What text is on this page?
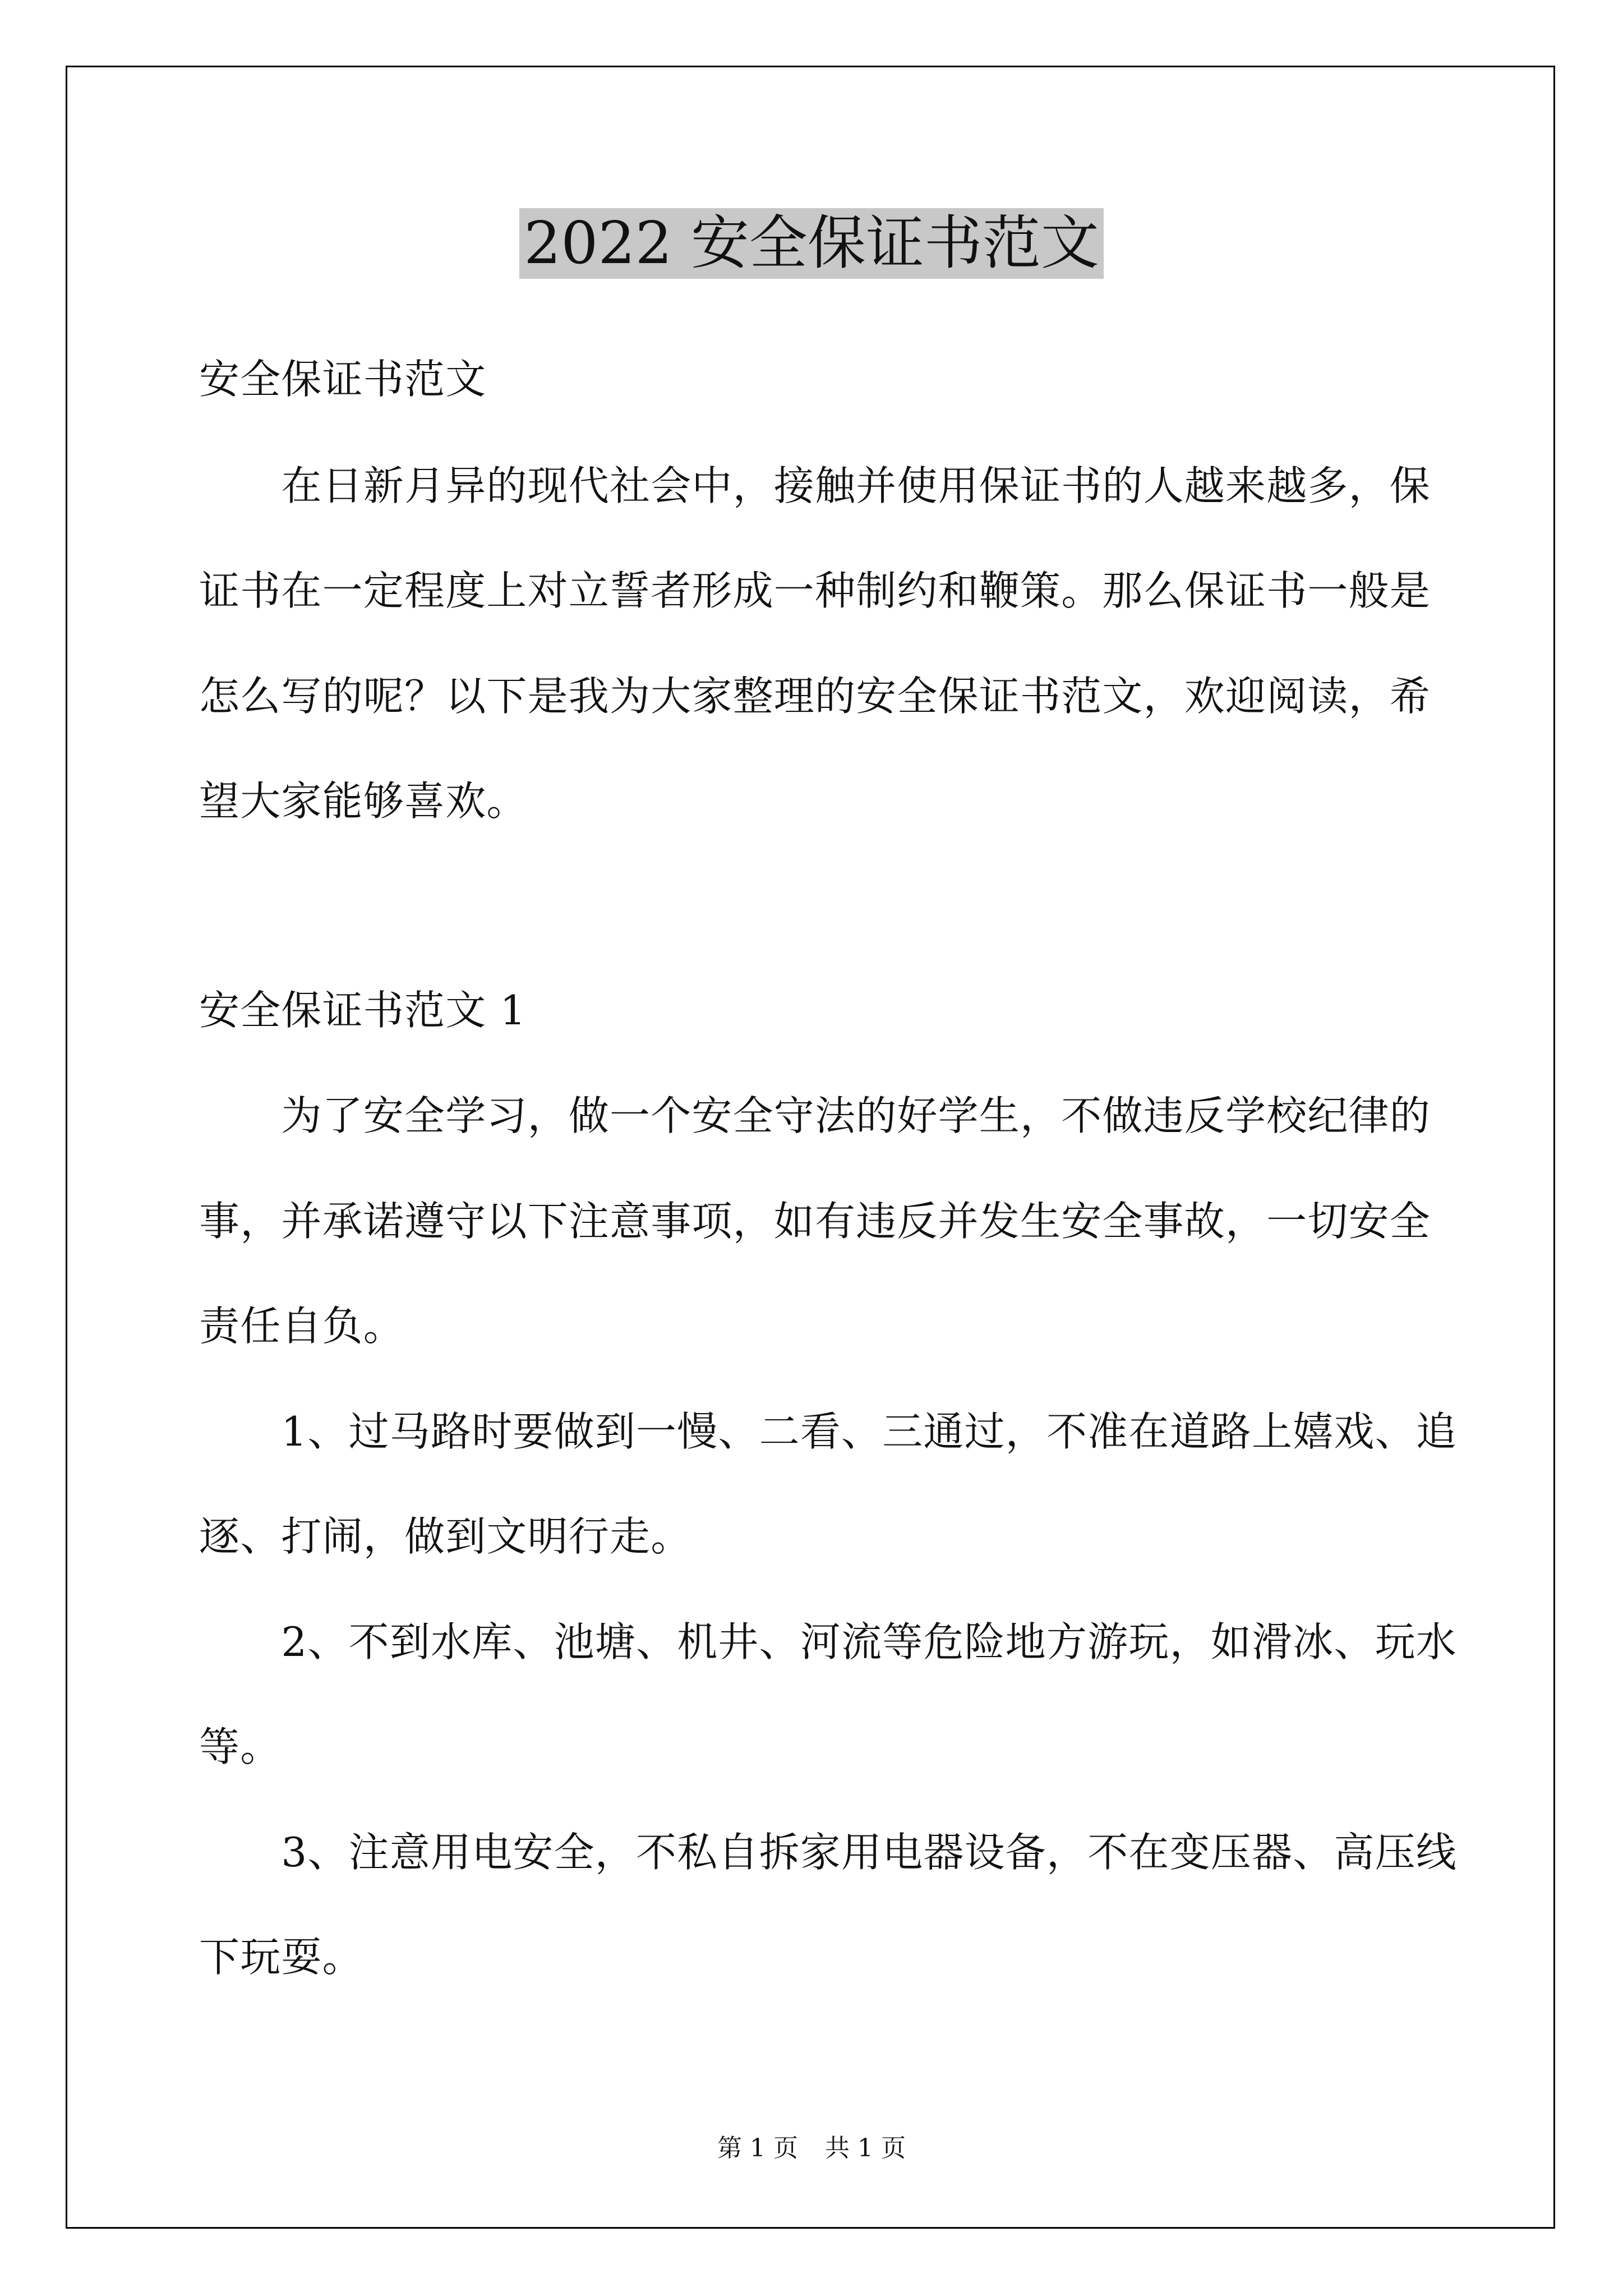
2022 安全保证书范文
安全保证书范文
　　在日新月异的现代社会中，接触并使用保证书的人越来越多，保
证书在一定程度上对立誓者形成一种制约和鞭策。那么保证书一般是
怎么写的呢？以下是我为大家整理的安全保证书范文，欢迎阅读，希
望大家能够喜欢。
安全保证书范文 1
　　为了安全学习，做一个安全守法的好学生，不做违反学校纪律的
事，并承诺遵守以下注意事项，如有违反并发生安全事故，一切安全
责任自负。
　　1、过马路时要做到一慢、二看、三通过，不准在道路上嬉戏、追
逐、打闹，做到文明行走。
　　2、不到水库、池塘、机井、河流等危险地方游玩，如滑冰、玩水
等。
　　3、注意用电安全，不私自拆家用电器设备，不在变压器、高压线
下玩耍。
第 1 页 共 1 页
